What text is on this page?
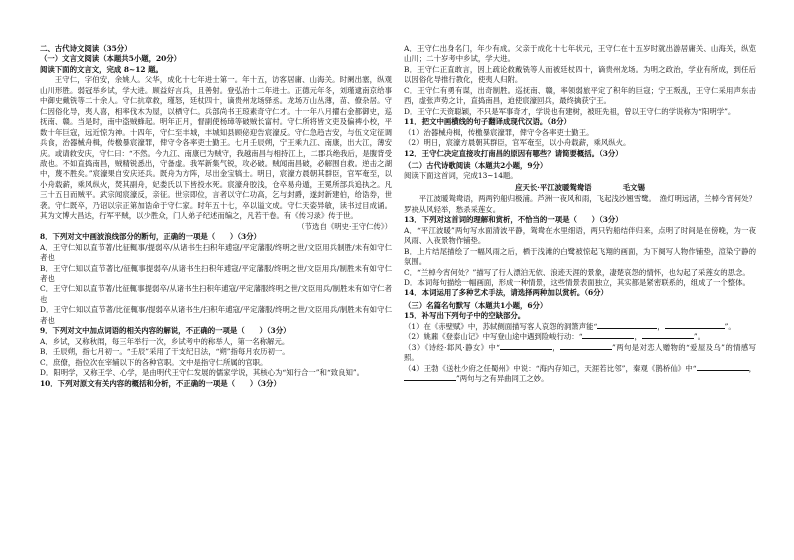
二、古代诗文阅读（35分）
（一）文言文阅读（本题共5小题，20分）
阅读下面的文言文，完成 8~12 题。
王守仁，字伯安，余姚人。父华，成化十七年进士第一。年十五，访客居庸、山海关。时阑出塞，纵观山川形胜。弱冠举乡试，学大进。顾益好言兵，且善射。登弘治十二年进士。正德元年冬，刘瑾逮南京给事中御史戴铣等二十余人。守仁抗章救，瑾怒，廷杖四十，谪贵州龙场驿丞。龙场万山丛薄，苗、僚杂居。守仁因俗化导，夷人喜，相率伐木为屋，以栖守仁。兵部尚书王琼素奇守仁才。十一年八月擢右金都御史，巡抚南、赣。当是时，南中盗贼蜂起。明年正月，督副使杨璋等破贼长富村。守仁所将皆文吏及偏裨小校，平数十年巨寇，远近惊为神。十四年，守仁至丰城，丰城知县顾佖迎告宸濠反。守仁急趋吉安，与伍文定征调兵食，治器械舟楫，传檄暴宸濠罪，俾守令各率吏士勤王。七月壬辰朔，宁王乘九江、南康，出大江，薄安庆。或请救安庆，守仁曰：“不然。今九江、南康已为贼守，我越南昌与相持江上，二郡兵绝我后，是腹背受敌也。不如直捣南昌，贼精锐悉出，守备虚。我军新集气锐，攻必破。贼闻南昌破，必解围自救。逆击之湖中，蔑不胜矣。”宸濠果自安庆还兵。既舟为方阵，尽出金宝犒士。明日，宸濠方晨朝其群臣，官军奄至，以小舟载薪，乘风纵火，焚其副舟，妃娄氏以下皆投水死。宸濠舟胶浅，仓卒易舟遁，王冕所部兵追执之。凡三十五日而贼平。武宗闻宸濠反，亲征。世宗即位，言者以守仁功高，乞与封爵，遂封新建伯，给诰券，世袭。守仁既卒，乃诏以宗正第加诰命于守仁家。时年五十七，卒以谥文成。守仁天姿异敏，读书过目成诵。其为文博大昌达，行军平贼，以少胜众，门人弟子纪述而编之，凡若干卷。有《传习录》传于世。
（节选自《明史·王守仁传》）
8．下列对文中画波浪线部分的断句，正确的一项是（　　）（3分）
A．王守仁知以直节著/比征輒事/提弱卒/从诸书生扫积年逋寇/平定藩服/终明之世/文臣用兵制胜/未有如守仁者也
B．王守仁知以直节著比/征輒事提弱卒/从诸书生扫积年逋寇/平定藩服/终明之世/文臣用兵/制胜未有如守仁者也
C．王守仁知以直节著/比征輒事提弱卒/从诸书生扫积年逋寇/平定藩服终明之世/文臣用兵/制胜未有如守仁者也
D．王守仁知以直节著/比征輒事/提弱卒从诸书生/扫积年逋寇/平定藩服/终明之世/文臣用兵/制胜未有如守仁者也
9．下列对文中加点词语的相关内容的解说，不正确的一项是（　　）（3分）
A．乡试，又称秋闱，每三年举行一次，乡试考中的称举人，第一名称解元。
B．壬辰朔，指七月初一。“壬辰”采用了干支纪日法，“朔”指每月农历初一。
C．庶僚，指位次在宰辅以下的各种官职。文中是指守仁所属的官职。
D．阳明学，又称王学、心学，是由明代王守仁发展的儒家学说，其核心为“知行合一”和“致良知”。
10．下列对原文有关内容的概括和分析，不正确的一项是（　　）（3分）
A．王守仁出身名门，年少有成。父亲于成化十七年状元，王守仁在十五岁时就出游居庸关、山海关，纵览山川；二十岁考中乡试，学大进。
B．王守仁正直敢言，因上疏论救戴铣等人而被廷杖四十，谪贵州龙场。为明之政治，学业有所成，到任后以因俗化导推行教化，使夷人归附。
C．王守仁有勇有谋，出奇制胜。巡抚南、赣，率领弱旅平定了积年的巨寇；宁王叛乱，王守仁采用声东击西，虚张声势之计，直捣南昌，迫使宸濠回兵，最终擒获宁王。
D．王守仁天资聪颖，不只是军事奇才，学说也有建树，被旺先祖，曾以王守仁的学说称为“阳明学”。
11．把文中画横线的句子翻译成现代汉语。（8分）
（1）治器械舟楫，传檄暴宸濠罪，俾守令各率吏士勤王。
（2）明日，宸濠方晨朝其群臣，官军奄至，以小舟载薪，乘风纵火。
12．王守仁决定直接攻打南昌的原因有哪些？请简要概括。（3分）
（二）古代诗歌阅读（本题共2小题，9分）
阅读下面这首词，完成13~14题。
应天长·平江波暖鸳鸯语	毛文锡
平江波暖鸳鸯语，两两钓船归极浦。芦洲一夜风和雨，飞起浅沙翘雪鹭。　渔灯明远渚，兰棹今宵何处？罗袂从风轻举，愁杀采莲女。
13．下列对这首词的理解和赏析，不恰当的一项是（　　）（3分）
A．“平江波暖”两句写水面清波平静，鸳鸯在水里细语，两只钓船结伴归来，点明了时间是在傍晚，为一夜风雨、入夜景物作铺垫。
B．上片结尾描绘了一幅风雨之后，栖于浅滩的白鹭被惊起飞翔的画面，为下阕写人物作铺垫，渲染宁静的氛围。
C．“兰棹今宵何处？”描写了行人漂泊无依、浪迹天涯的景象，凄楚哀怨的情怀，也勾起了采莲女的思念。
D．本词每句描绘一幅画面，形成一种情景，这些情景表面独立，其实都是紧密联系的，组成了一个整体。
14．本词运用了多种艺术手法，请选择两种加以赏析。（6分）
（三）名篇名句默写（本题共1小题，6分）
15．补写出下列句子中的空缺部分。
（1）在《赤壁赋》中，苏轼侧面描写客人哀怨的洞箫声能“	，	”。
（2）姚鼐《登泰山记》中写登山途中遇到险峻行动：“	，	”。
（3）《诗经·邶风·静女》中“	，	”两句是对恋人赠物的“爱屋及乌”的情感写照。
（4）王勃《送杜少府之任蜀州》中说：“海内存知己，天涯若比邻”，秦观《鹊桥仙》中“	，”两句与之有异曲同工之妙。
